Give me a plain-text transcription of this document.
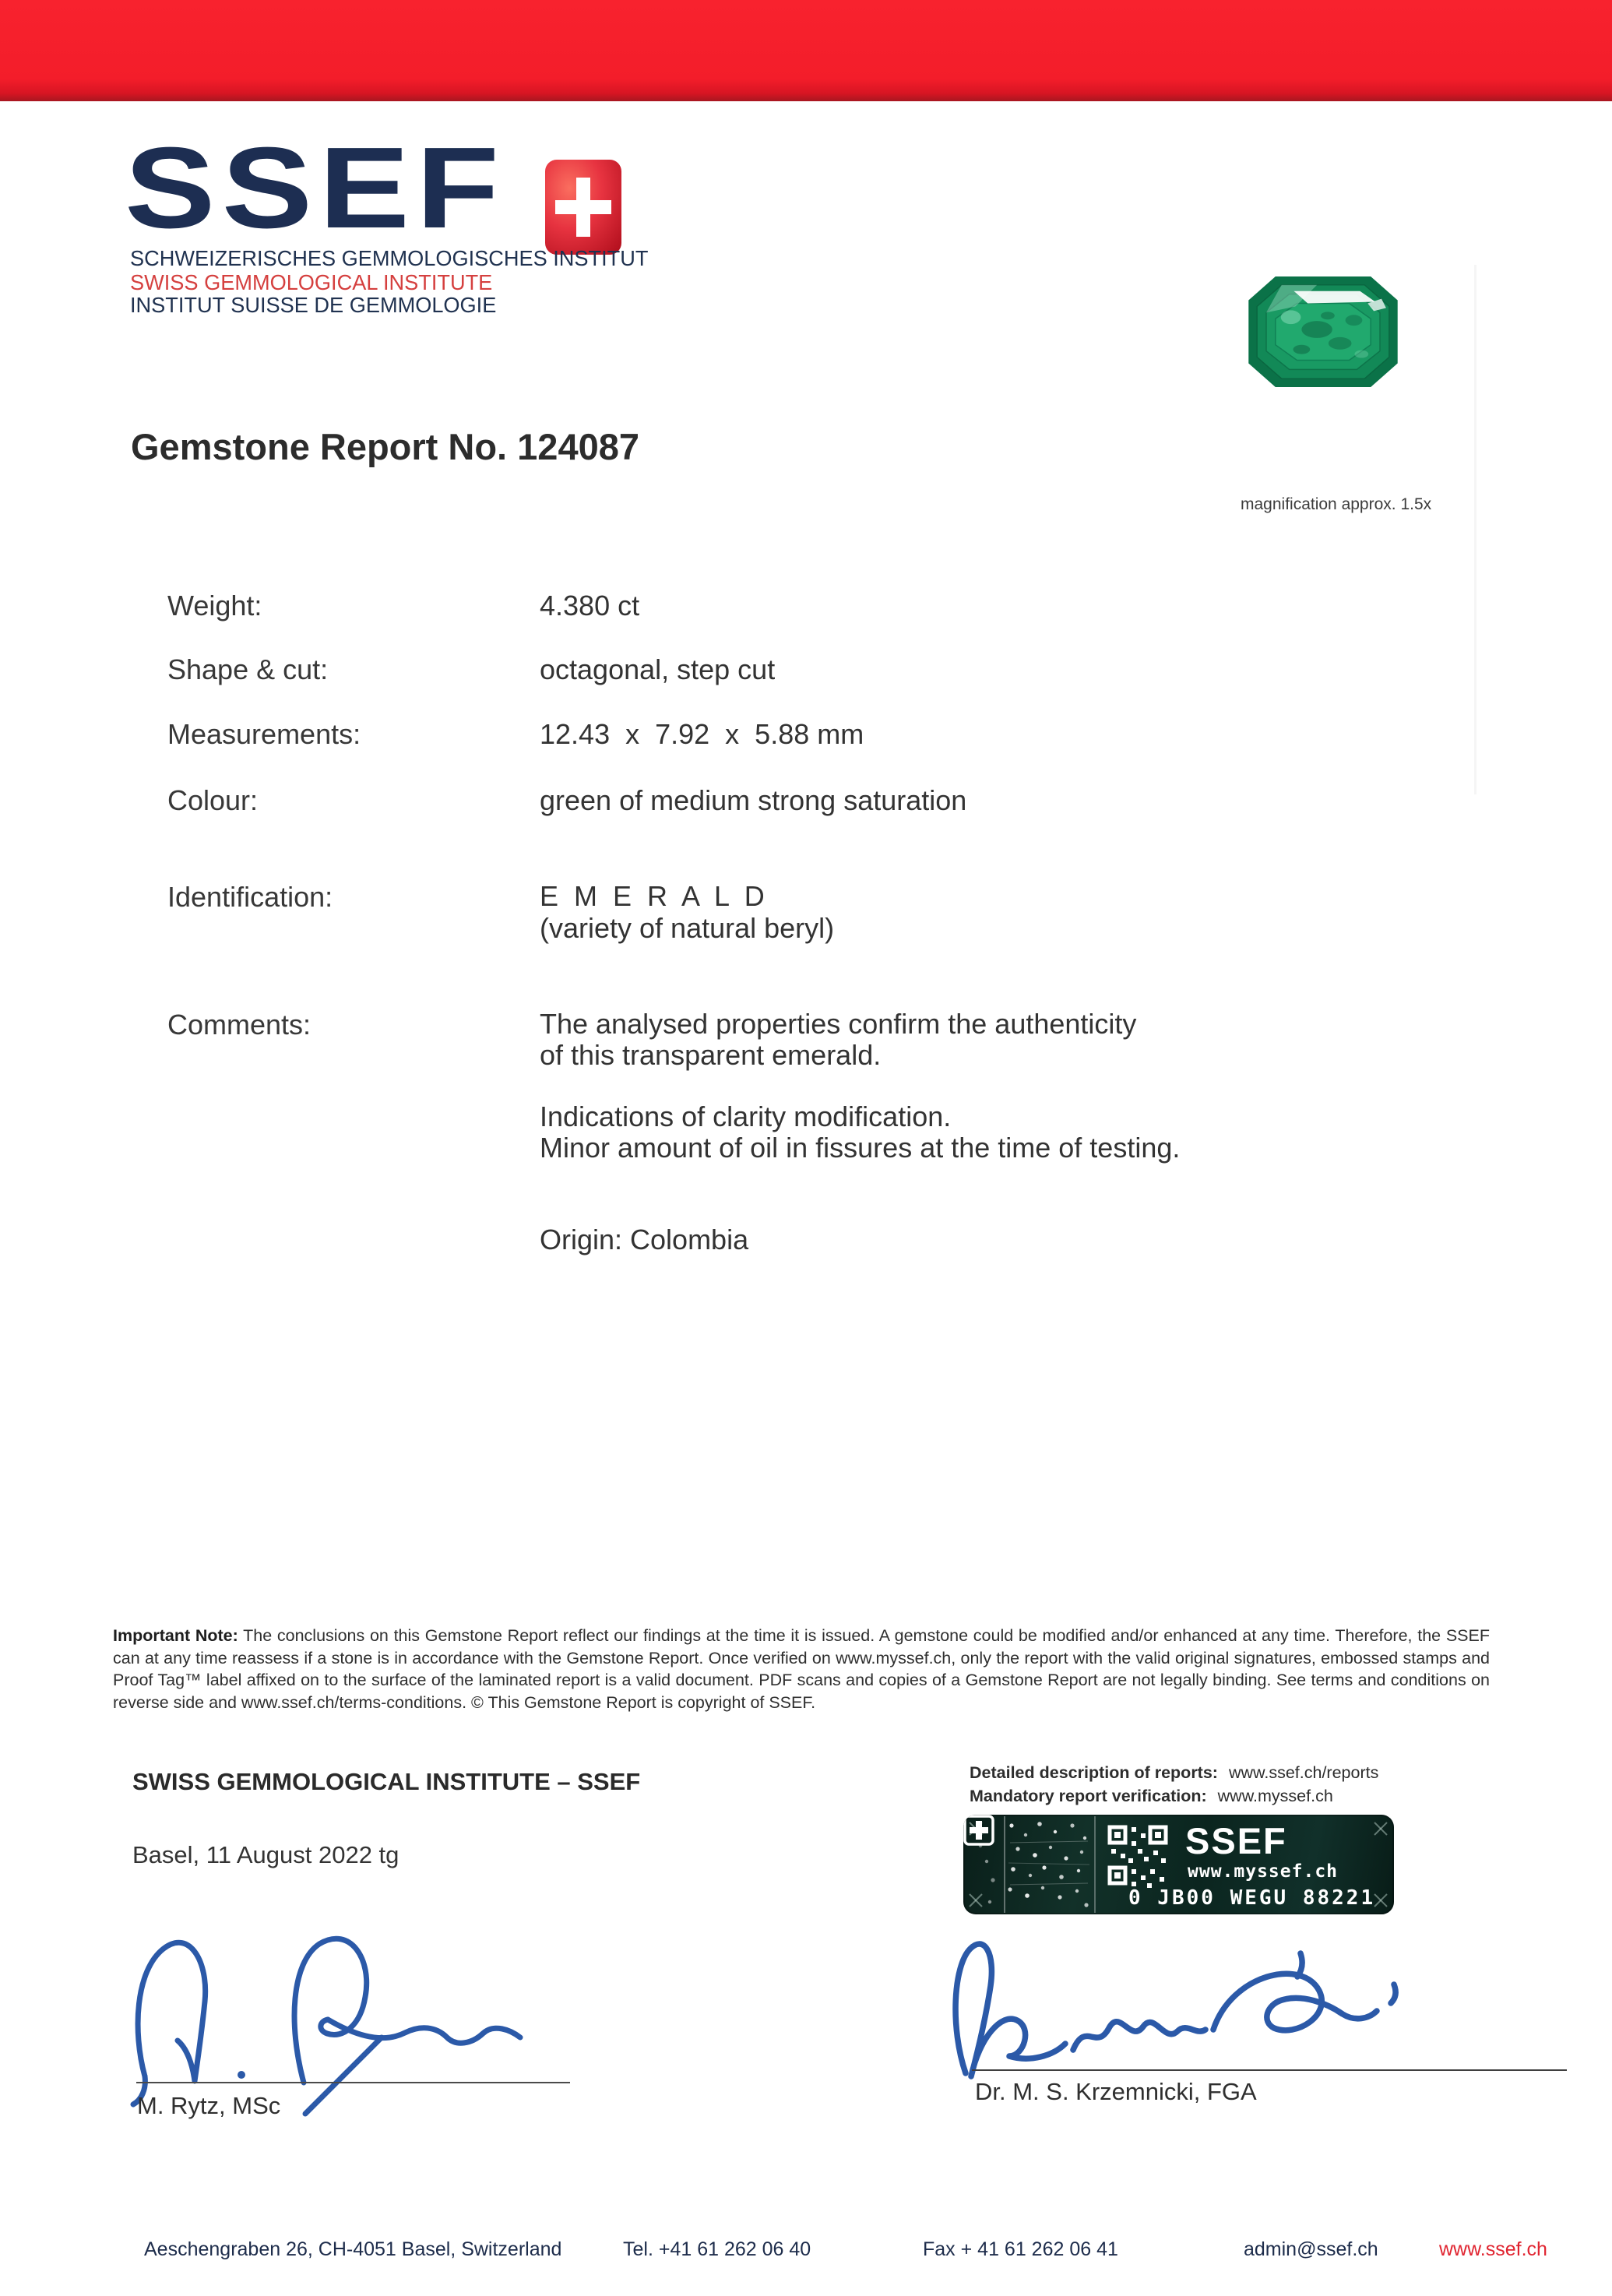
SSEF
SCHWEIZERISCHES GEMMOLOGISCHES INSTITUT
SWISS GEMMOLOGICAL INSTITUTE
INSTITUT SUISSE DE GEMMOLOGIE
magnification approx. 1.5x
Gemstone Report No. 124087
Weight:	4.380 ct
Shape & cut:	octagonal, step cut
Measurements:	12.43  x  7.92  x  5.88 mm
Colour:	green of medium strong saturation
Identification:	E M E R A L D
(variety of natural beryl)
Comments:	The analysed properties confirm the authenticity
of this transparent emerald.
Indications of clarity modification.
Minor amount of oil in fissures at the time of testing.
Origin: Colombia
Important Note: The conclusions on this Gemstone Report reflect our findings at the time it is issued. A gemstone could be modified and/or enhanced at any time. Therefore, the SSEF can at any time reassess if a stone is in accordance with the Gemstone Report. Once verified on www.myssef.ch, only the report with the valid original signatures, embossed stamps and Proof Tag™ label affixed on to the surface of the laminated report is a valid document. PDF scans and copies of a Gemstone Report are not legally binding. See terms and conditions on reverse side and www.ssef.ch/terms-conditions. © This Gemstone Report is copyright of SSEF.
SWISS GEMMOLOGICAL INSTITUTE – SSEF
Basel, 11 August 2022 tg
Detailed description of reports: www.ssef.ch/reports
Mandatory report verification: www.myssef.ch
SSEF
www.myssef.ch
0 JB00 WEGU 88221
M. Rytz, MSc
Dr. M. S. Krzemnicki, FGA
Aeschengraben 26, CH-4051 Basel, Switzerland	Tel. +41 61 262 06 40	Fax + 41 61 262 06 41	admin@ssef.ch	www.ssef.ch
